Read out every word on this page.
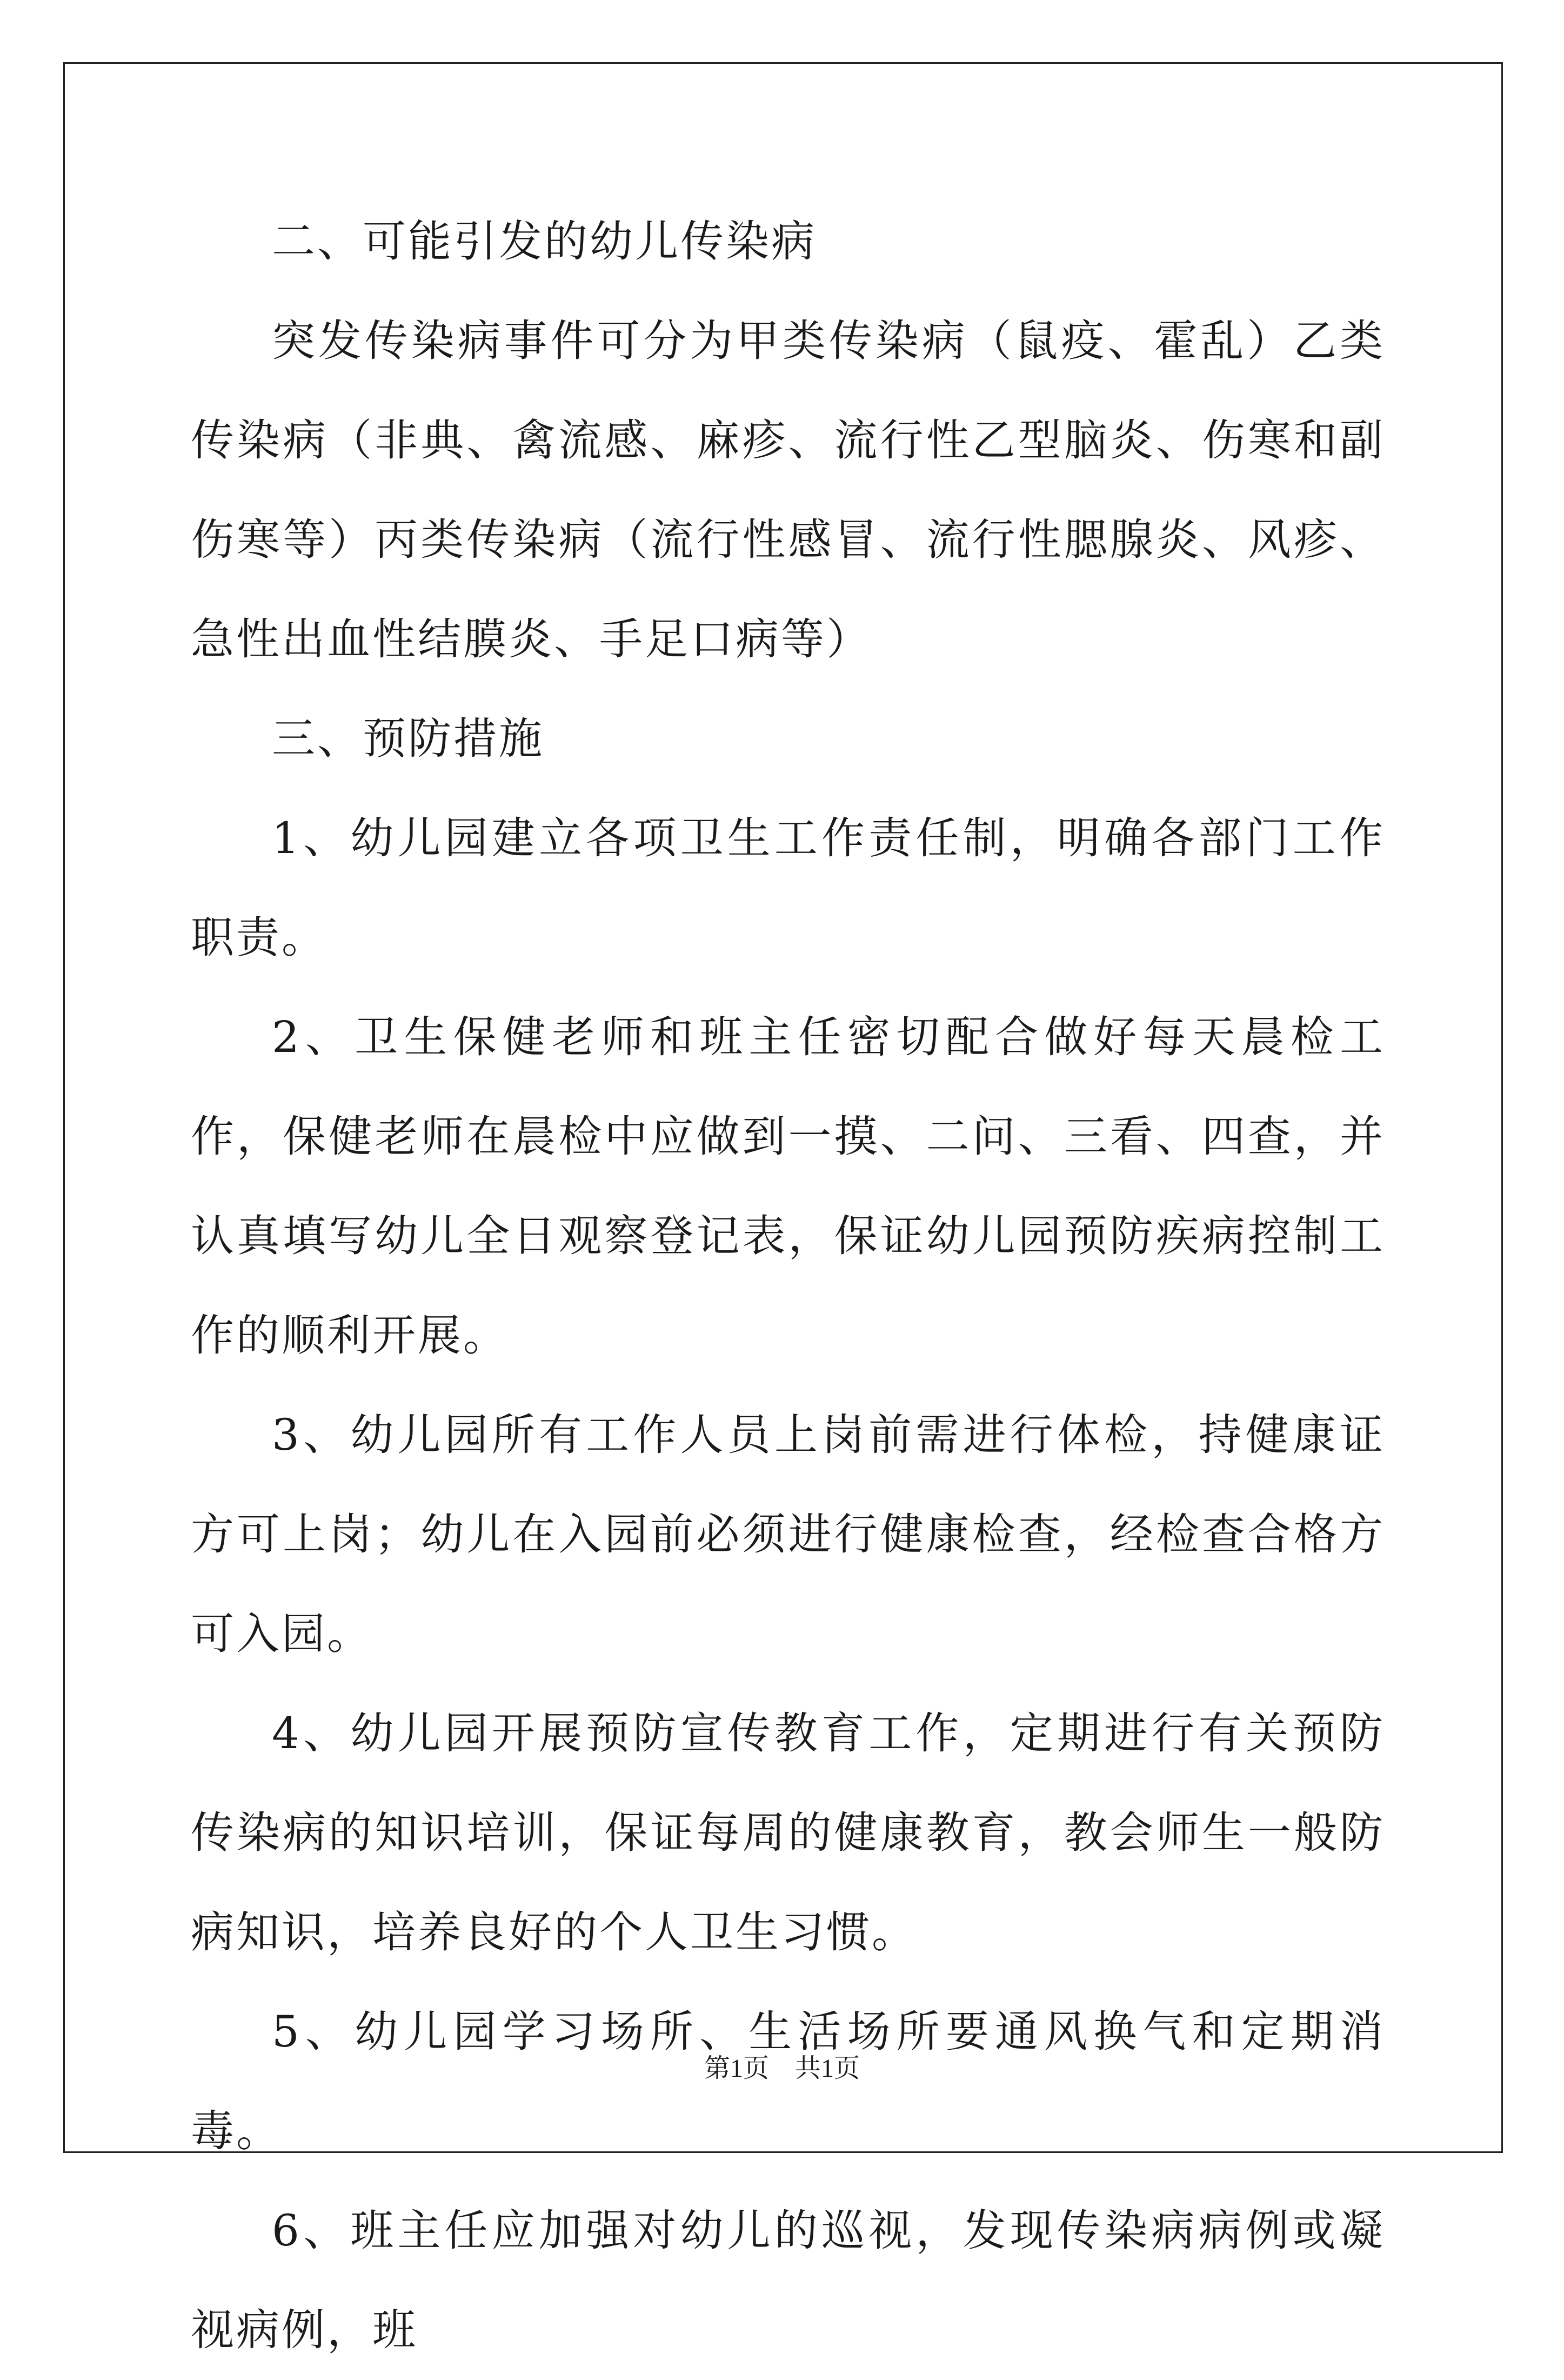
二、可能引发的幼儿传染病

突发传染病事件可分为甲类传染病（鼠疫、霍乱）乙类传染病（非典、禽流感、麻疹、流行性乙型脑炎、伤寒和副伤寒等）丙类传染病（流行性感冒、流行性腮腺炎、风疹、急性出血性结膜炎、手足口病等）

三、预防措施

1、幼儿园建立各项卫生工作责任制，明确各部门工作职责。

2、卫生保健老师和班主任密切配合做好每天晨检工作，保健老师在晨检中应做到一摸、二问、三看、四查，并认真填写幼儿全日观察登记表，保证幼儿园预防疾病控制工作的顺利开展。

3、幼儿园所有工作人员上岗前需进行体检，持健康证方可上岗；幼儿在入园前必须进行健康检查，经检查合格方可入园。

4、幼儿园开展预防宣传教育工作，定期进行有关预防传染病的知识培训，保证每周的健康教育，教会师生一般防病知识，培养良好的个人卫生习惯。

5、幼儿园学习场所、生活场所要通风换气和定期消毒。

6、班主任应加强对幼儿的巡视，发现传染病病例或凝视病例，班

第1页　共1页
